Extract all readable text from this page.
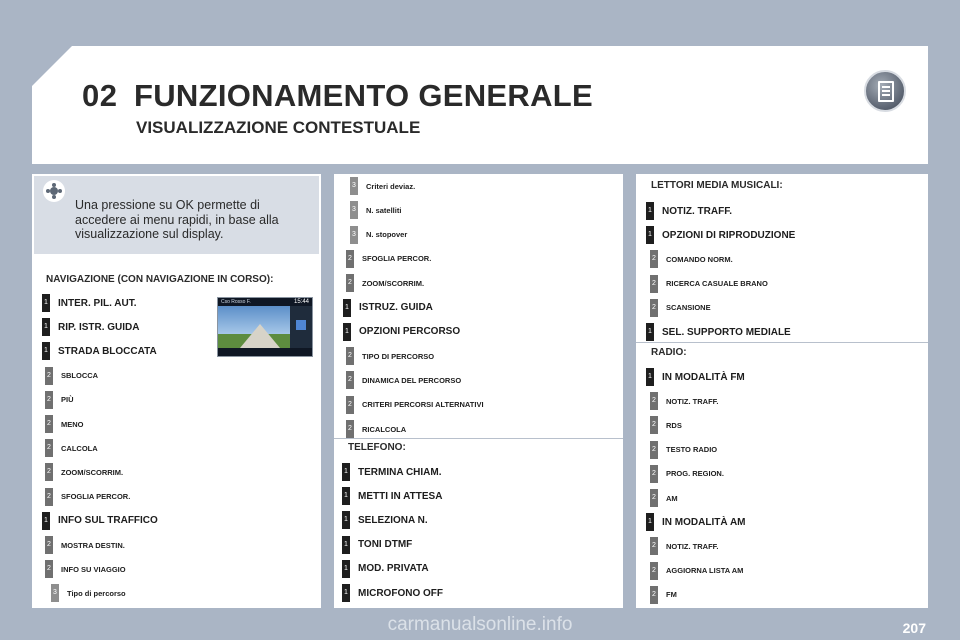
02 FUNZIONAMENTO GENERALE
VISUALIZZAZIONE CONTESTUALE
Una pressione su OK permette di accedere ai menu rapidi, in base alla visualizzazione sul display.
NAVIGAZIONE (CON NAVIGAZIONE IN CORSO):
1 INTER. PIL. AUT.
1 RIP. ISTR. GUIDA
1 STRADA BLOCCATA
2 SBLOCCA
2 PIÙ
2 MENO
2 CALCOLA
2 ZOOM/SCORRIM.
2 SFOGLIA PERCOR.
1 INFO SUL TRAFFICO
2 MOSTRA DESTIN.
2 INFO SU VIAGGIO
3 Tipo di percorso
Cso Rosso F.	15:44
3 Criteri deviaz.
3 N. satelliti
3 N. stopover
2 SFOGLIA PERCOR.
2 ZOOM/SCORRIM.
1 ISTRUZ. GUIDA
1 OPZIONI PERCORSO
2 TIPO DI PERCORSO
2 DINAMICA DEL PERCORSO
2 CRITERI PERCORSI ALTERNATIVI
2 RICALCOLA
TELEFONO:
1 TERMINA CHIAM.
1 METTI IN ATTESA
1 SELEZIONA N.
1 TONI DTMF
1 MOD. PRIVATA
1 MICROFONO OFF
LETTORI MEDIA MUSICALI:
1 NOTIZ. TRAFF.
1 OPZIONI DI RIPRODUZIONE
2 COMANDO NORM.
2 RICERCA CASUALE BRANO
2 SCANSIONE
1 SEL. SUPPORTO MEDIALE
RADIO:
1 IN MODALITÀ FM
2 NOTIZ. TRAFF.
2 RDS
2 TESTO RADIO
2 PROG. REGION.
2 AM
1 IN MODALITÀ AM
2 NOTIZ. TRAFF.
2 AGGIORNA LISTA AM
2 FM
207
carmanualsonline.info
